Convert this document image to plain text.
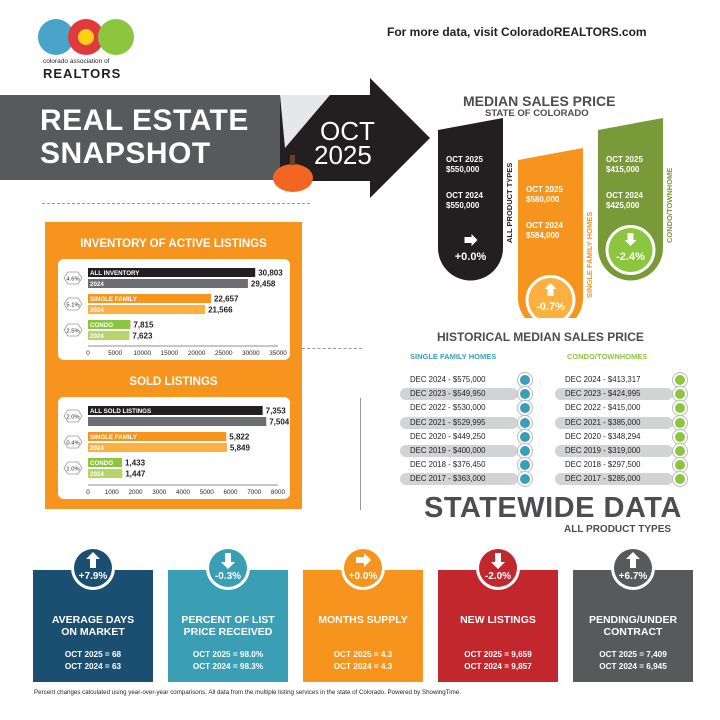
colorado association of
REALTORS
For more data, visit ColoradoREALTORS.com
REAL ESTATE
SNAPSHOT
OCT
2025
MEDIAN SALES PRICE
STATE OF COLORADO
OCT 2025
$550,000
OCT 2024
$550,000	ALL PRODUCT TYPES
+0.0%
OCT 2025
$580,000
OCT 2024
$584,000	SINGLE FAMILY HOMES
-0.7%
OCT 2025
$415,000
OCT 2024
$425,000	CONDO/TOWNHOME
-2.4%
INVENTORY OF ACTIVE LISTINGS
ALL INVENTORY	30,803
2024	29,458
SINGLE FAMILY	22,657
2024	21,566
CONDO	7,815
2024	7,623
4.6%
5.1%
2.5%
0	5000 10000 15000 20000 25000 30000 35000
SOLD LISTINGS
ALL SOLD LISTINGS	7,353
7,504
SINGLE FAMILY	5,822
2024	5,849
CONDO 1,433
2024	1,447
2.0%
0.4%
1.0%
0 1000 2000 3000 4000 5000 6000 7000 8000
HISTORICAL MEDIAN SALES PRICE
SINGLE FAMILY HOMES	CONDO/TOWNHOMES
DEC 2024 - $575,000
DEC 2023 - $549,950
DEC 2022 - $530,000
DEC 2021 - $529,995
DEC 2020 - $449,250
DEC 2019 - $400,000
DEC 2018 - $376,450
DEC 2017 - $363,000
DEC 2024 - $413,317
DEC 2023 - $424,995
DEC 2022 - $415,000
DEC 2021 - $385,000
DEC 2020 - $348,294
DEC 2019 - $319,000
DEC 2018 - $297,500
DEC 2017 - $285,000
STATEWIDE DATA
ALL PRODUCT TYPES
+7.9%
AVERAGE DAYS
ON MARKET
OCT 2025 = 68
OCT 2024 = 63
-0.3%
PERCENT OF LIST
PRICE RECEIVED
OCT 2025 = 98.0%
OCT 2024 = 98.3%
+0.0%
MONTHS SUPPLY
OCT 2025 = 4.3
OCT 2024 = 4.3
-2.0%
NEW LISTINGS
OCT 2025 = 9,659
OCT 2024 = 9,857
+6.7%
PENDING/UNDER
CONTRACT
OCT 2025 = 7,409
OCT 2024 = 6,945
Percent changes calculated using year-over-year comparisons. All data from the multiple listing services in the state of Colorado. Powered by ShowingTime.
